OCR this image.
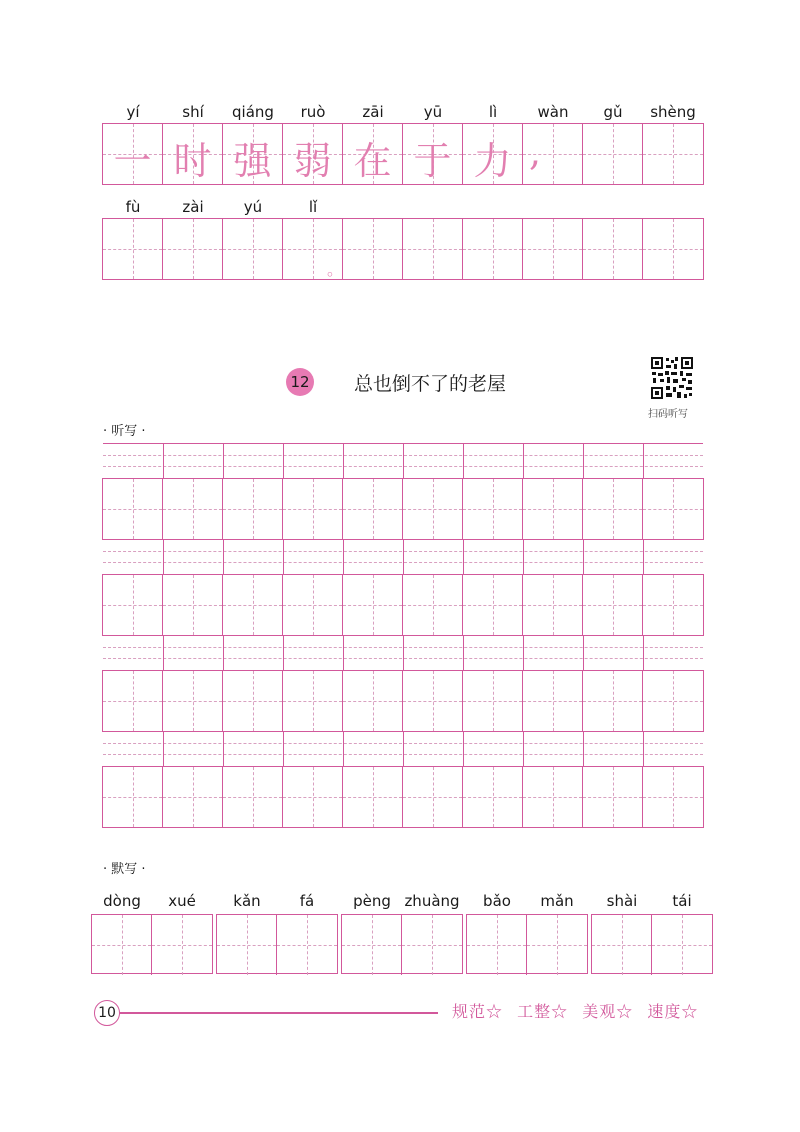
yí	shí	qiáng	ruò	zāi	yū	lì	wàn	gǔ	shèng
一 时 强 弱 在 于 力 ,
fù	zài	yú	lǐ
。
12 总也倒不了的老屋
扫码听写
· 听写 ·
· 默写 ·
dòng	xué	kǎn	fá	pèng zhuàng	bǎo	mǎn	shài	tái
10	规范☆ 工整☆ 美观☆ 速度☆
